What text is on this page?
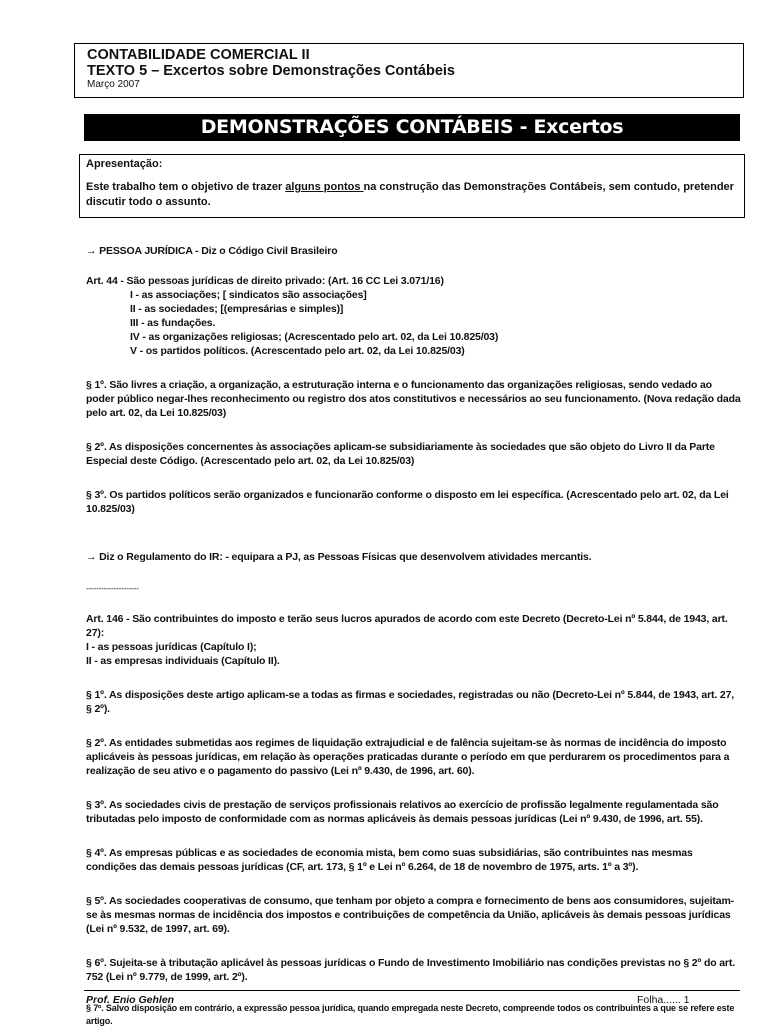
CONTABILIDADE COMERCIAL II
TEXTO 5 – Excertos sobre Demonstrações Contábeis
Março 2007
DEMONSTRAÇÕES CONTÁBEIS - Excertos
Apresentação:
Este trabalho tem o objetivo de trazer alguns pontos na construção das Demonstrações Contábeis, sem contudo, pretender discutir todo o assunto.

→ PESSOA JURÍDICA - Diz o Código Civil Brasileiro

Art. 44 - São pessoas jurídicas de direito privado: (Art. 16 CC Lei 3.071/16)

I - as associações; [ sindicatos são associações]

II - as sociedades; [(empresárias e simples)]

III - as fundações.

IV - as organizações religiosas; (Acrescentado pelo art. 02, da Lei 10.825/03)

V - os partidos políticos. (Acrescentado pelo art. 02, da Lei 10.825/03)

§ 1º. São livres a criação, a organização, a estruturação interna e o funcionamento das organizações religiosas, sendo vedado ao poder público negar-lhes reconhecimento ou registro dos atos constitutivos e necessários ao seu funcionamento. (Nova redação dada pelo art. 02, da Lei 10.825/03)

§ 2º. As disposições concernentes às associações aplicam-se subsidiariamente às sociedades que são objeto do Livro II da Parte Especial deste Código. (Acrescentado pelo art. 02, da Lei 10.825/03)

§ 3º. Os partidos políticos serão organizados e funcionarão conforme o disposto em lei específica. (Acrescentado pelo art. 02, da Lei 10.825/03)

→ Diz o Regulamento do IR: - equipara a PJ, as Pessoas Físicas que desenvolvem atividades mercantis.

---------------------

Art. 146 - São contribuintes do imposto e terão seus lucros apurados de acordo com este Decreto (Decreto-Lei nº 5.844, de 1943, art. 27):

I - as pessoas jurídicas (Capítulo I);

II - as empresas individuais (Capítulo II).

§ 1º. As disposições deste artigo aplicam-se a todas as firmas e sociedades, registradas ou não (Decreto-Lei nº 5.844, de 1943, art. 27, § 2º).

§ 2º. As entidades submetidas aos regimes de liquidação extrajudicial e de falência sujeitam-se às normas de incidência do imposto aplicáveis às pessoas jurídicas, em relação às operações praticadas durante o período em que perdurarem os procedimentos para a realização de seu ativo e o pagamento do passivo (Lei nº 9.430, de 1996, art. 60).

§ 3º. As sociedades civis de prestação de serviços profissionais relativos ao exercício de profissão legalmente regulamentada são tributadas pelo imposto de conformidade com as normas aplicáveis às demais pessoas jurídicas (Lei nº 9.430, de 1996, art. 55).

§ 4º. As empresas públicas e as sociedades de economia mista, bem como suas subsidiárias, são contribuintes nas mesmas condições das demais pessoas jurídicas (CF, art. 173, § 1º e Lei nº 6.264, de 18 de novembro de 1975, arts. 1º a 3º).

§ 5º. As sociedades cooperativas de consumo, que tenham por objeto a compra e fornecimento de bens aos consumidores, sujeitam-se às mesmas normas de incidência dos impostos e contribuições de competência da União, aplicáveis às demais pessoas jurídicas (Lei nº 9.532, de 1997, art. 69).

§ 6º. Sujeita-se à tributação aplicável às pessoas jurídicas o Fundo de Investimento Imobiliário nas condições previstas no § 2º do art. 752 (Lei nº 9.779, de 1999, art. 2º).

§ 7º. Salvo disposição em contrário, a expressão pessoa jurídica, quando empregada neste Decreto, compreende todos os contribuintes a que se refere este artigo.

Prof. Enio Gehlen	Folha...... 1
